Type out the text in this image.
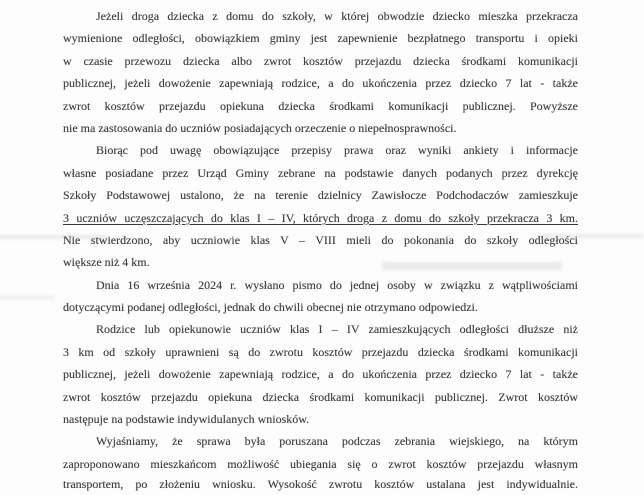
Jeżeli droga dziecka z domu do szkoły, w której obwodzie dziecko mieszka przekracza
wymienione odległości, obowiązkiem gminy jest zapewnienie bezpłatnego transportu i opieki
w czasie przewozu dziecka albo zwrot kosztów przejazdu dziecka środkami komunikacji
publicznej, jeżeli dowożenie zapewniają rodzice, a do ukończenia przez dziecko 7 lat - także
zwrot kosztów przejazdu opiekuna dziecka środkami komunikacji publicznej. Powyższe
nie ma zastosowania do uczniów posiadających orzeczenie o niepełnosprawności.
Biorąc pod uwagę obowiązujące przepisy prawa oraz wyniki ankiety i informacje
własne posiadane przez Urząd Gminy zebrane na podstawie danych podanych przez dyrekcję
Szkoły Podstawowej ustalono, że na terenie dzielnicy Zawisłocze Podchodaczów zamieszkuje
3 uczniów uczęszczających do klas I – IV, których droga z domu do szkoły przekracza 3 km.
Nie stwierdzono, aby uczniowie klas V – VIII mieli do pokonania do szkoły odległości
większe niż 4 km.
Dnia 16 września 2024 r. wysłano pismo do jednej osoby w związku z wątpliwościami
dotyczącymi podanej odległości, jednak do chwili obecnej nie otrzymano odpowiedzi.
Rodzice lub opiekunowie uczniów klas I – IV zamieszkujących odległości dłuższe niż
3 km od szkoły uprawnieni są do zwrotu kosztów przejazdu dziecka środkami komunikacji
publicznej, jeżeli dowożenie zapewniają rodzice, a do ukończenia przez dziecko 7 lat - także
zwrot kosztów przejazdu opiekuna dziecka środkami komunikacji publicznej. Zwrot kosztów
następuje na podstawie indywidulanych wniosków.
Wyjaśniamy, że sprawa była poruszana podczas zebrania wiejskiego, na którym
zaproponowano mieszkańcom możliwość ubiegania się o zwrot kosztów przejazdu własnym
transportem, po złożeniu wniosku. Wysokość zwrotu kosztów ustalana jest indywidualnie.
